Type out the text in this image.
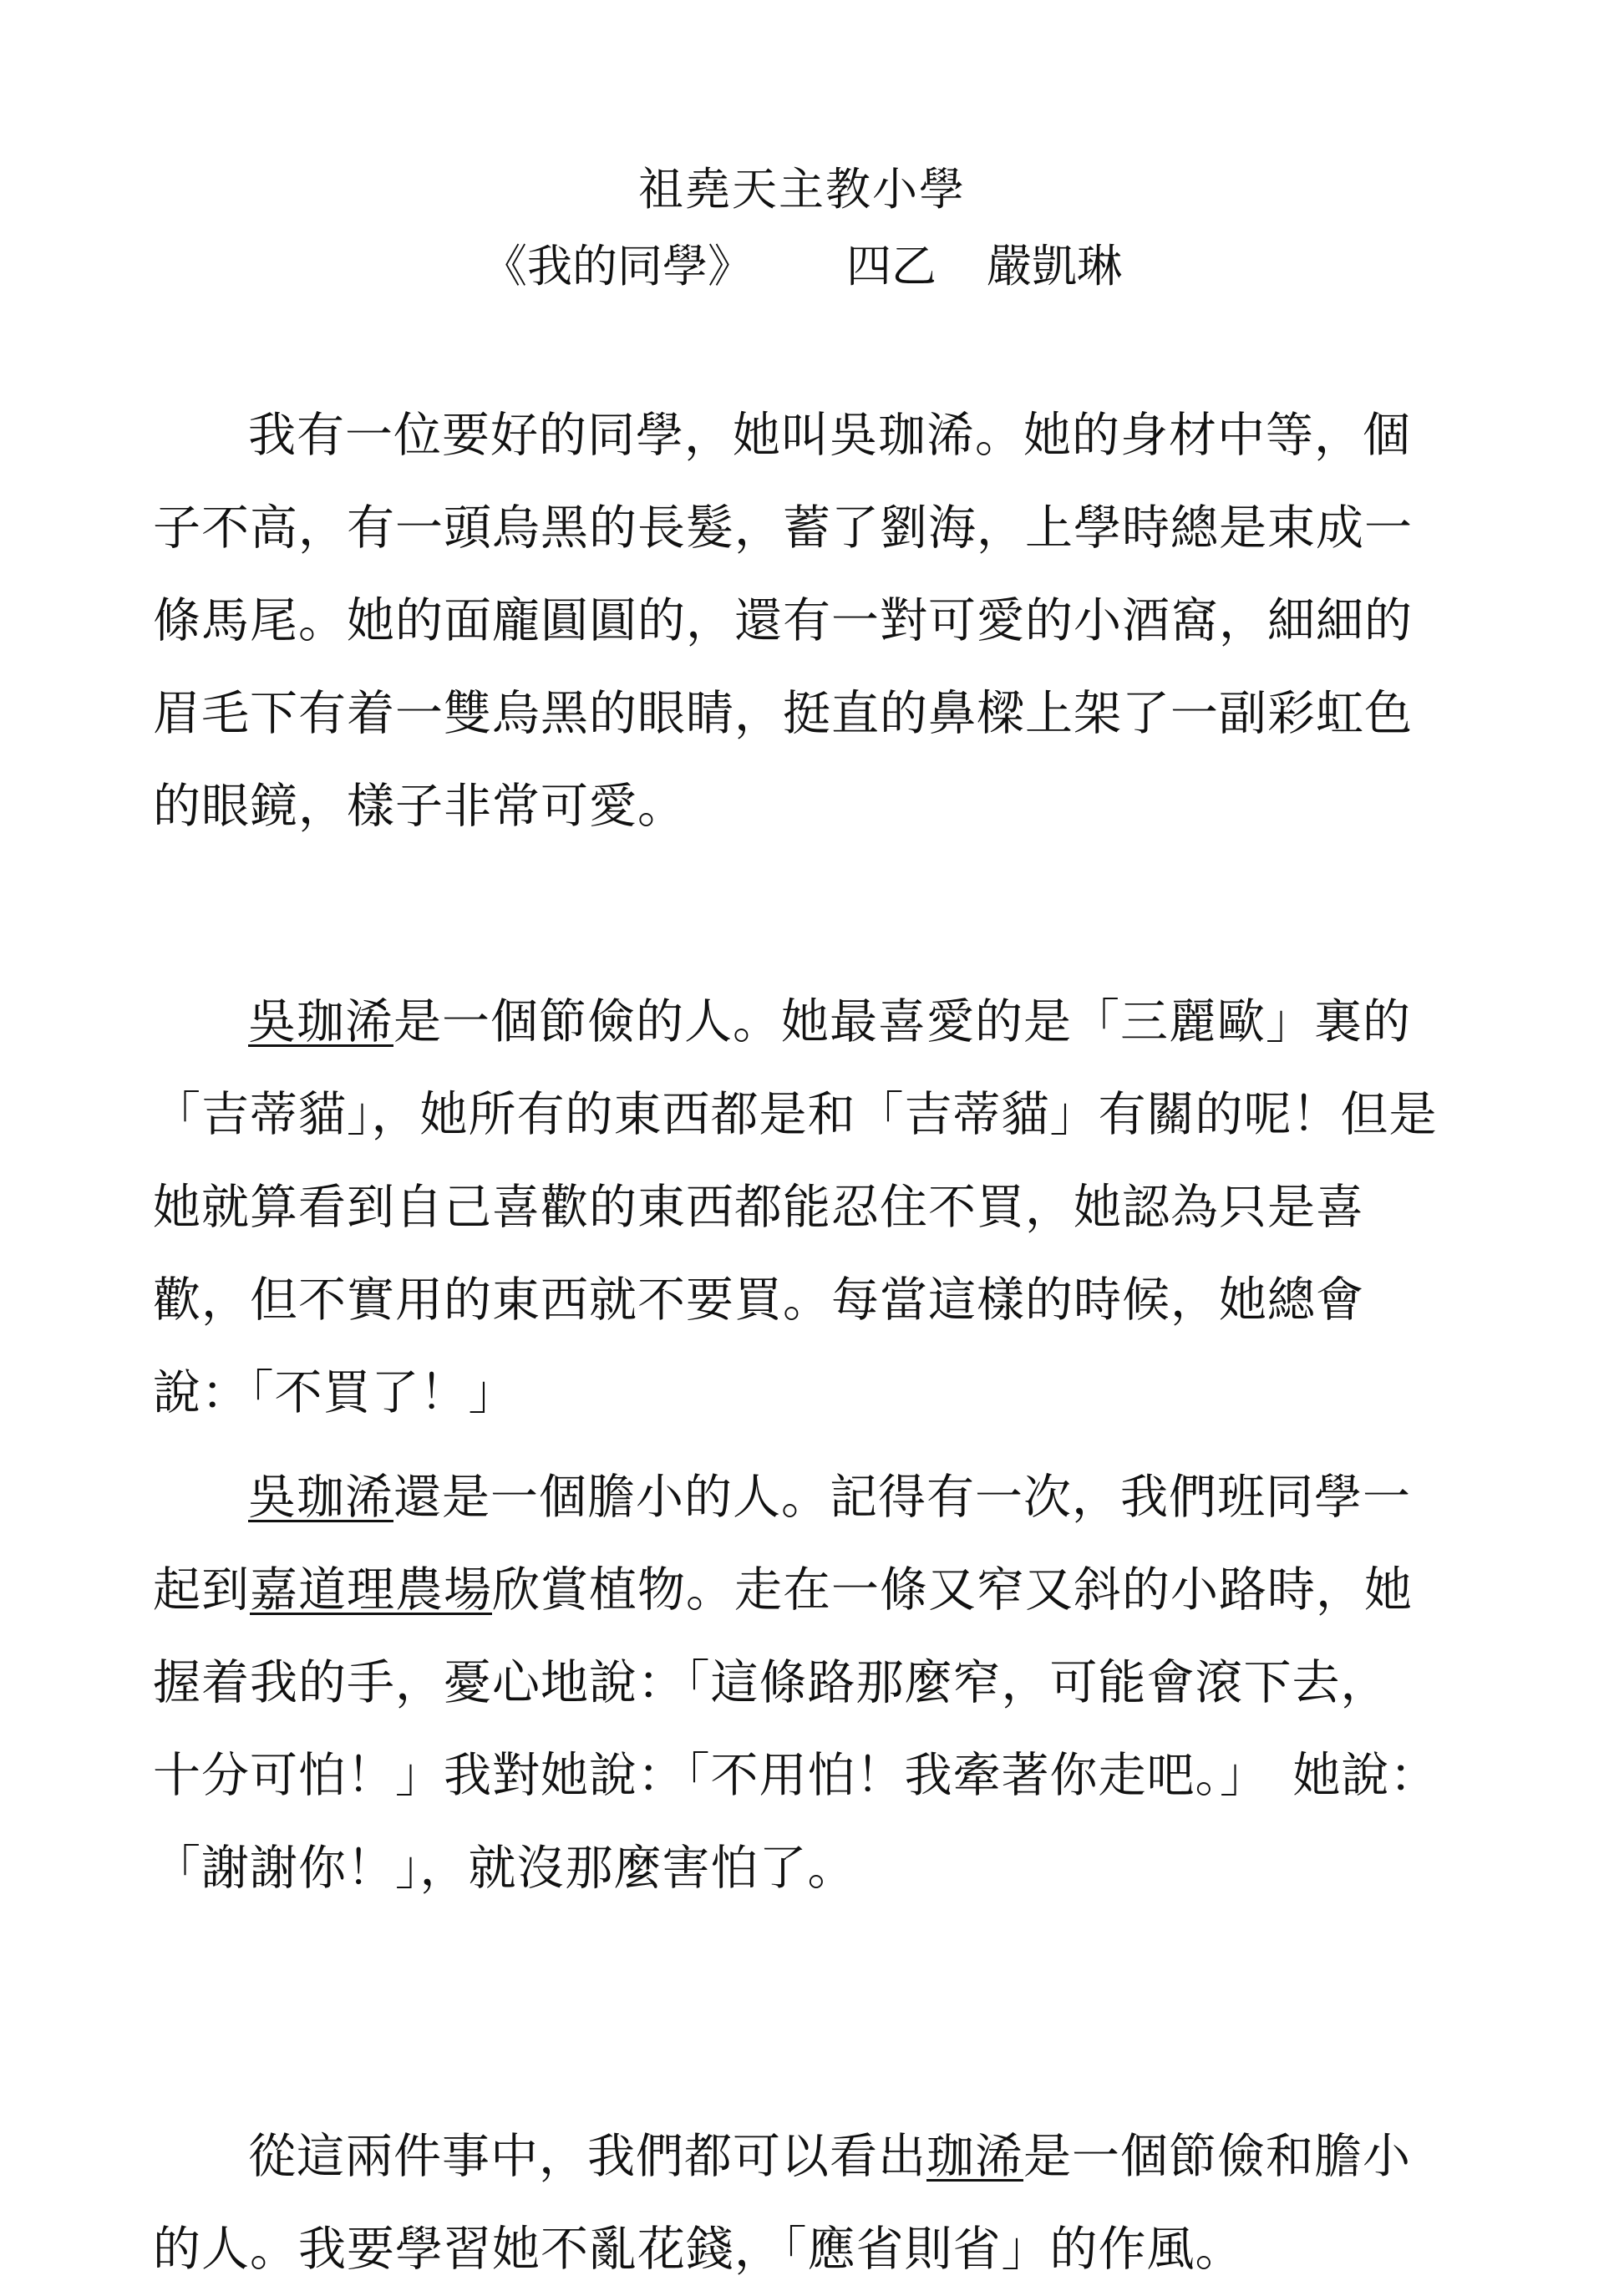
祖堯天主教小學
《我的同學》 四乙 嚴凱琳
我有一位要好的同學，她叫吳珈浠。她的身材中等，個子不高，有一頭烏黑的長髮，蓄了劉海，上學時總是束成一條馬尾。她的面龐圓圓的，還有一對可愛的小酒窩，細細的眉毛下有着一雙烏黑的眼睛，挺直的鼻樑上架了一副彩虹色的眼鏡，樣子非常可愛。
吳珈浠是一個節儉的人。她最喜愛的是「三麗歐」裏的「吉蒂貓」，她所有的東西都是和「吉蒂貓」有關的呢！但是她就算看到自己喜歡的東西都能忍住不買，她認為只是喜歡，但不實用的東西就不要買。每當這樣的時候，她總會說：「不買了！」
吳珈浠還是一個膽小的人。記得有一次，我們班同學一起到嘉道理農場欣賞植物。走在一條又窄又斜的小路時，她握着我的手，憂心地說：「這條路那麼窄，可能會滾下去，　十分可怕！」我對她說：「不用怕！我牽著你走吧。」　她說：「謝謝你！」，就沒那麼害怕了。
從這兩件事中，我們都可以看出珈浠是一個節儉和膽小的人。我要學習她不亂花錢，「應省則省」的作風。
